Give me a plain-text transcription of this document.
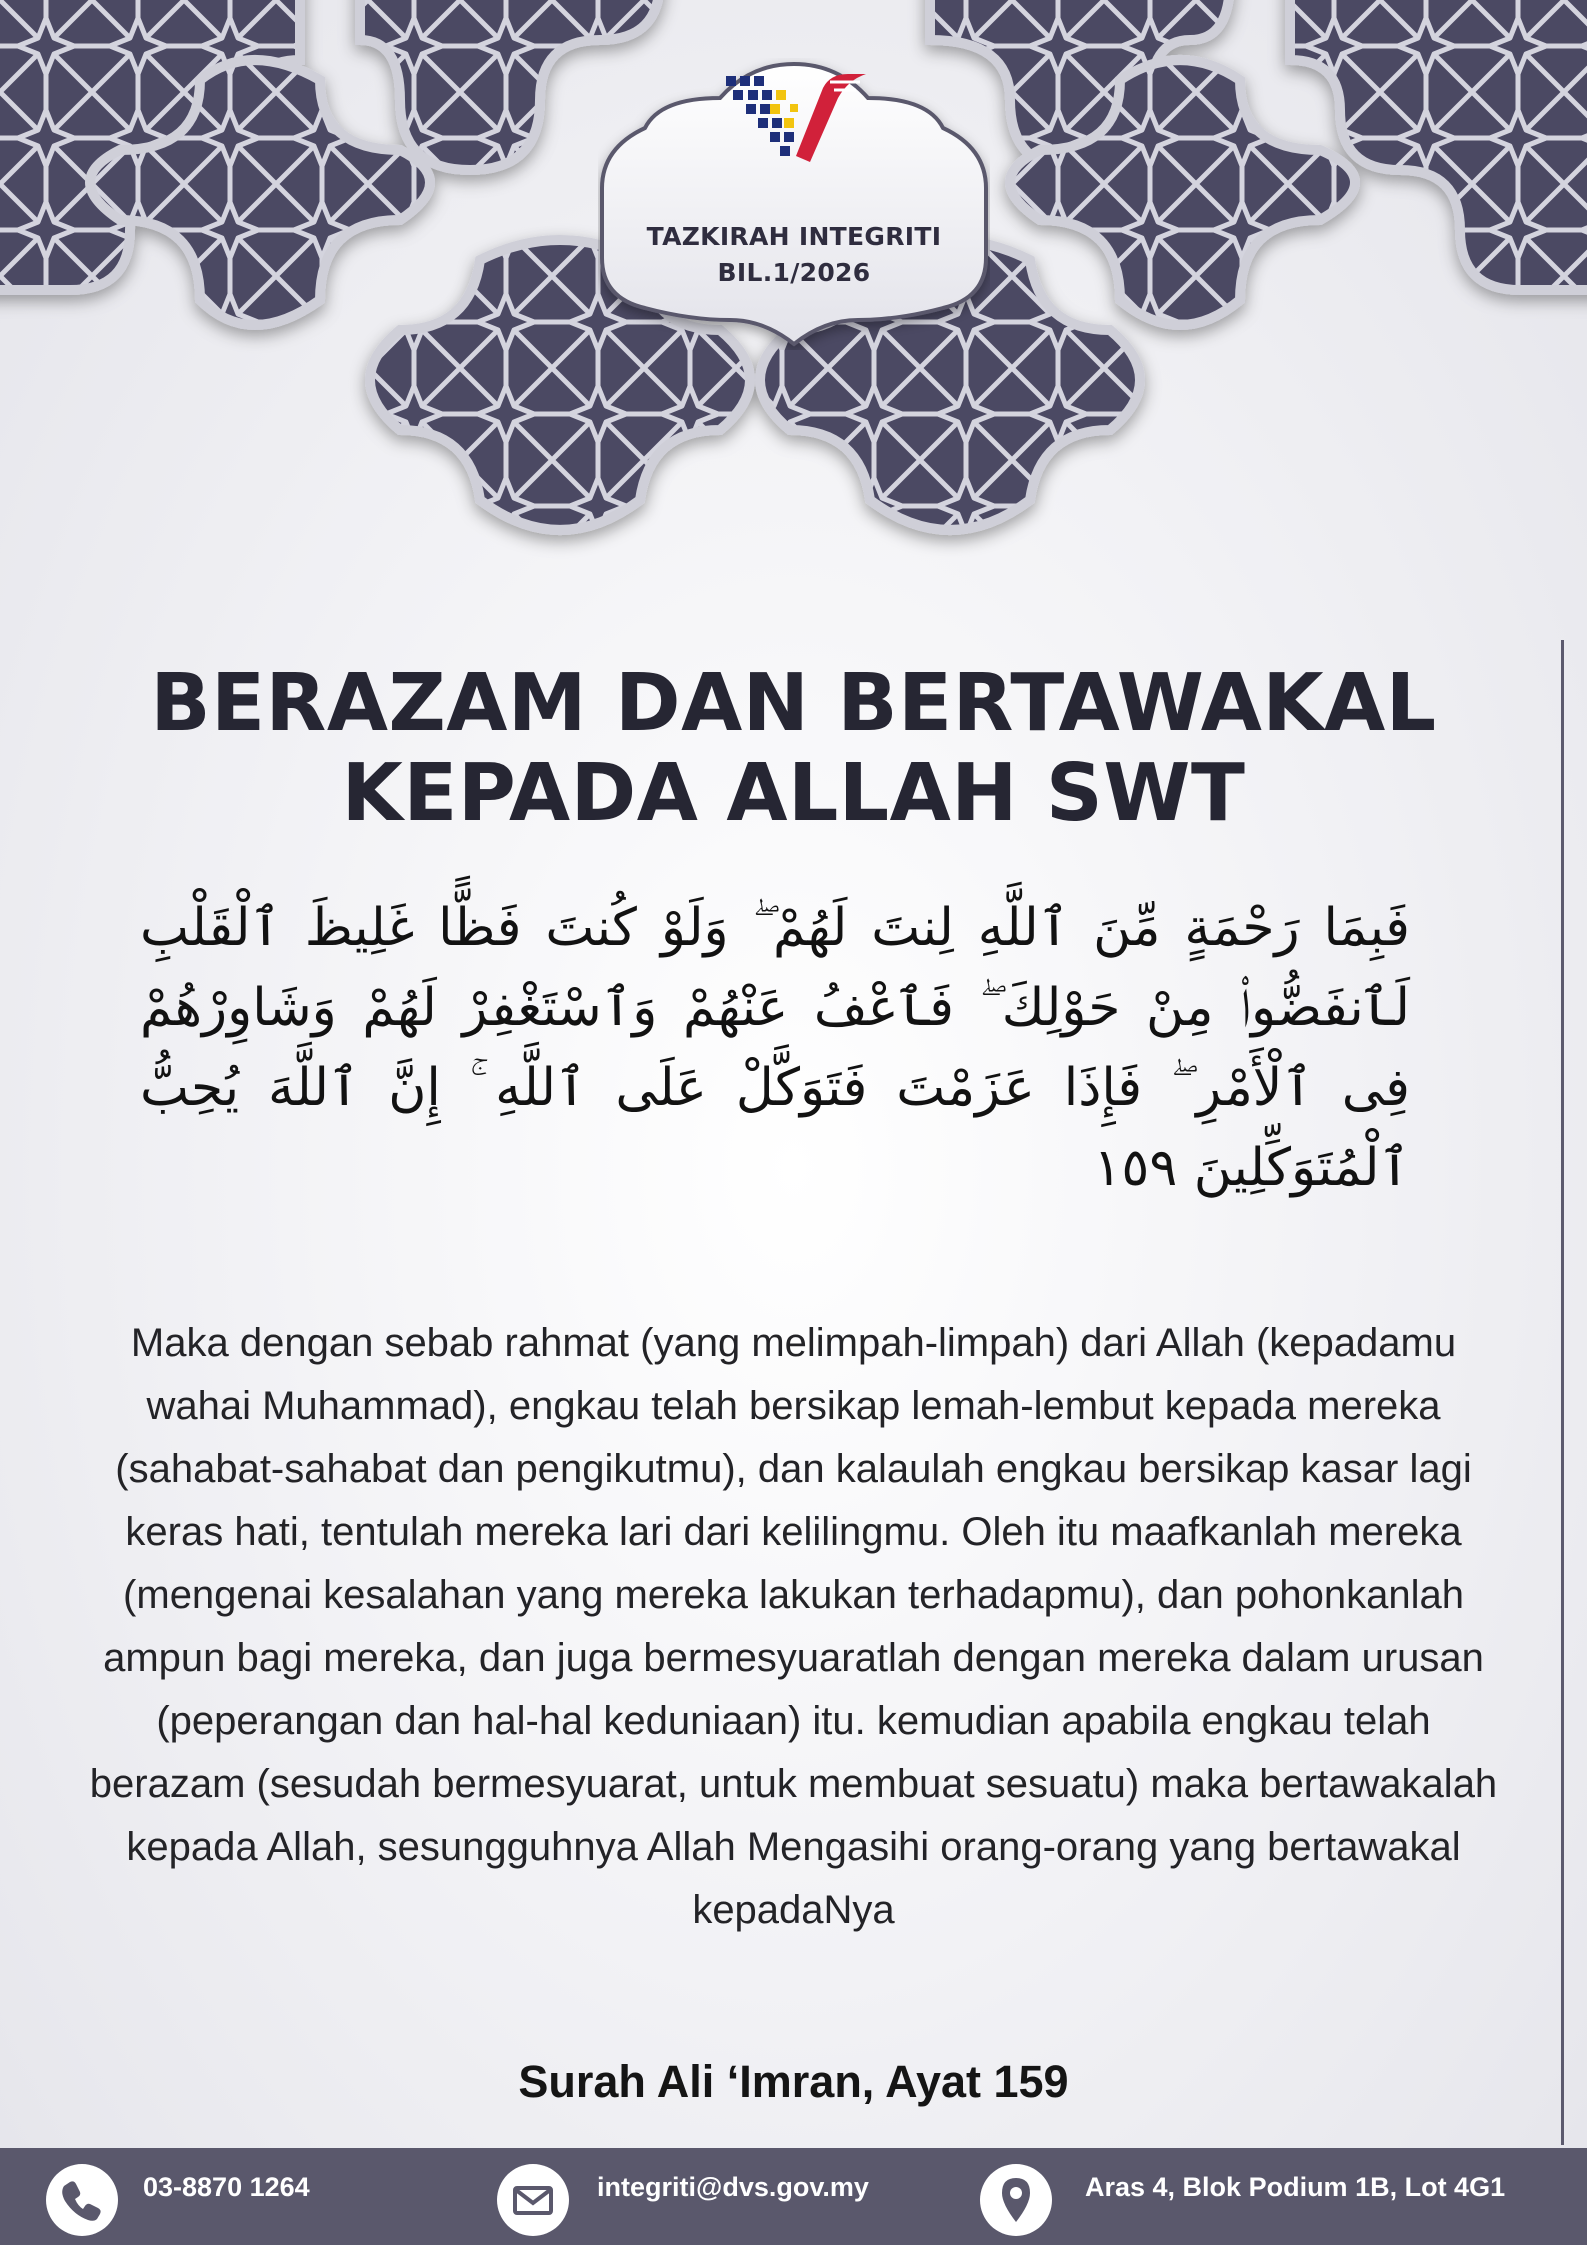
TAZKIRAH INTEGRITI
BIL.1/2026
BERAZAM DAN BERTAWAKAL
KEPADA ALLAH SWT

فَبِمَا رَحْمَةٍ مِّنَ ٱللَّهِ لِنتَ لَهُمْ ۖ وَلَوْ كُنتَ فَظًّا غَلِيظَ ٱلْقَلْبِ لَٱنفَضُّوا۟ مِنْ حَوْلِكَ ۖ فَٱعْفُ عَنْهُمْ وَٱسْتَغْفِرْ لَهُمْ وَشَاوِرْهُمْ فِى ٱلْأَمْرِ ۖ فَإِذَا عَزَمْتَ فَتَوَكَّلْ عَلَى ٱللَّهِ ۚ إِنَّ ٱللَّهَ يُحِبُّ ٱلْمُتَوَكِّلِينَ ١٥٩

Maka dengan sebab rahmat (yang melimpah-limpah) dari Allah (kepadamu wahai Muhammad), engkau telah bersikap lemah-lembut kepada mereka (sahabat-sahabat dan pengikutmu), dan kalaulah engkau bersikap kasar lagi keras hati, tentulah mereka lari dari kelilingmu. Oleh itu maafkanlah mereka (mengenai kesalahan yang mereka lakukan terhadapmu), dan pohonkanlah ampun bagi mereka, dan juga bermesyuaratlah dengan mereka dalam urusan (peperangan dan hal-hal keduniaan) itu. kemudian apabila engkau telah berazam (sesudah bermesyuarat, untuk membuat sesuatu) maka bertawakalah kepada Allah, sesungguhnya Allah Mengasihi orang-orang yang bertawakal kepadaNya

Surah Ali ‘Imran, Ayat 159

03-8870 1264	integriti@dvs.gov.my	Aras 4, Blok Podium 1B, Lot 4G1
